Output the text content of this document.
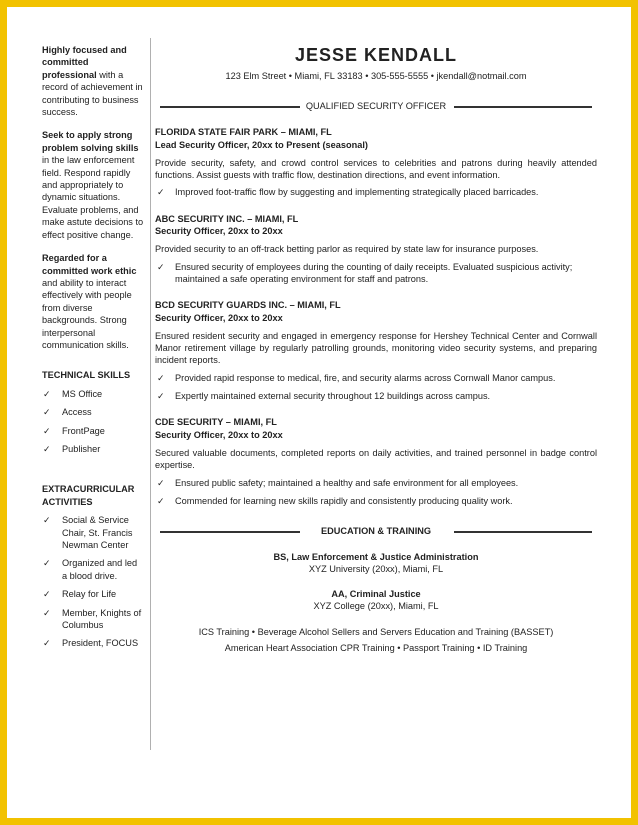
Highly focused and committed professional with a record of achievement in contributing to business success.
Seek to apply strong problem solving skills in the law enforcement field. Respond rapidly and appropriately to dynamic situations. Evaluate problems, and make astute decisions to effect positive change.
Regarded for a committed work ethic and ability to interact effectively with people from diverse backgrounds. Strong interpersonal communication skills.
TECHNICAL SKILLS
✓ MS Office
✓ Access
✓ FrontPage
✓ Publisher
EXTRACURRICULAR ACTIVITIES
✓ Social & Service Chair, St. Francis Newman Center
✓ Organized and led a blood drive.
✓ Relay for Life
✓ Member, Knights of Columbus
✓ President, FOCUS
JESSE KENDALL
123 Elm Street • Miami, FL 33183 • 305-555-5555 • jkendall@notmail.com
QUALIFIED SECURITY OFFICER
FLORIDA STATE FAIR PARK – MIAMI, FL
Lead Security Officer, 20xx to Present (seasonal)
Provide security, safety, and crowd control services to celebrities and patrons during heavily attended functions. Assist guests with traffic flow, destination directions, and event information.
✓ Improved foot-traffic flow by suggesting and implementing strategically placed barricades.
ABC SECURITY INC. – MIAMI, FL
Security Officer, 20xx to 20xx
Provided security to an off-track betting parlor as required by state law for insurance purposes.
✓ Ensured security of employees during the counting of daily receipts. Evaluated suspicious activity; maintained a safe operating environment for staff and patrons.
BCD SECURITY GUARDS INC. – MIAMI, FL
Security Officer, 20xx to 20xx
Ensured resident security and engaged in emergency response for Hershey Technical Center and Cornwall Manor retirement village by regularly patrolling grounds, monitoring video security systems, and preparing incident reports.
✓ Provided rapid response to medical, fire, and security alarms across Cornwall Manor campus.
✓ Expertly maintained external security throughout 12 buildings across campus.
CDE SECURITY – MIAMI, FL
Security Officer, 20xx to 20xx
Secured valuable documents, completed reports on daily activities, and trained personnel in badge control expertise.
✓ Ensured public safety; maintained a healthy and safe environment for all employees.
✓ Commended for learning new skills rapidly and consistently producing quality work.
EDUCATION & TRAINING
BS, Law Enforcement & Justice Administration
XYZ University (20xx), Miami, FL
AA, Criminal Justice
XYZ College (20xx), Miami, FL
ICS Training • Beverage Alcohol Sellers and Servers Education and Training (BASSET)
American Heart Association CPR Training • Passport Training • ID Training
